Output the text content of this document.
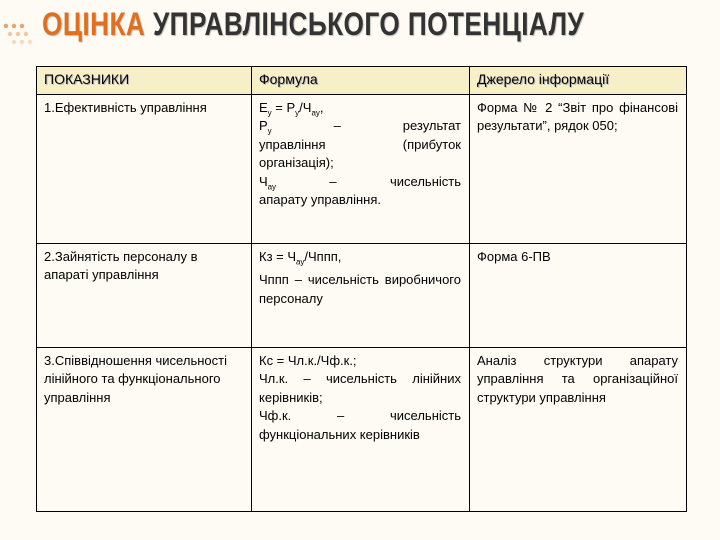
ОЦІНКА УПРАВЛІНСЬКОГО ПОТЕНЦІАЛУ
ПОКАЗНИКИ	Формула	Джерело інформації
1.Ефективність управління	$Е_у = Р_у/Ч_{ау}$,
$Р_у$ – результат
управління (прибуток організація);
$Ч_{ау}$ – чисельність
апарату управління.	Форма № 2 “Звіт про фінансові результати”, рядок 050;
2.Зайнятість персоналу в апараті управління	Кз = $Ч_{ау}$/Чппп,
Чппп – чисельність виробничого персоналу	Форма 6-ПВ
3.Співвідношення чисельності лінійного та функціонального управління	Кс = Чл.к./Чф.к.;
Чл.к. – чисельність лінійних керівників;
Чф.к. – чисельність функціональних керівників	Аналіз структури апарату управління та організаційної структури управління
